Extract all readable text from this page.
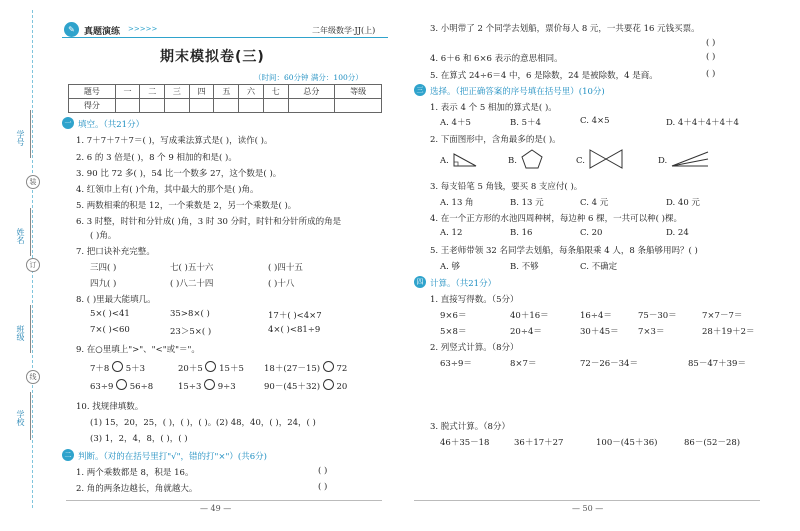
学号
姓名
班级
学校
装
订
线
✎	真题演练 >>>>>	二年级数学·JJ(上)
期末模拟卷(三)
（时间：60分钟 满分：100分）
题号	一	二	三	四	五	六	七	总分	等级
得分									
一 填空。（共21分）
1. 7＋7＋7＋7＝( )，写成乘法算式是( )，读作( )。
2. 6 的 3 倍是( )，8 个 9 相加的和是( )。
3. 90 比 72 多( )，54 比一个数多 27，这个数是( )。
4. 红领巾上有( )个角，其中最大的那个是( )角。
5. 两数相乘的积是 12，一个乘数是 2，另一个乘数是( )。
6. 3 时整，时针和分针成( )角，3 时 30 分时，时针和分针所成的角是
( )角。
7. 把口诀补充完整。
三四( )	七( )五十六	( )四十五
四九( )	( )八二十四	( )十八
8. ( )里最大能填几。
5×( )<41	35>8×( )	17＋( )<4×7
7×( )<60	23＞5×( )	4×( )<81÷9
9. 在○里填上">"、"<"或"＝"。
7＋8 5＋3	20＋5 15＋5 18＋(27－15) 72
63÷9 56÷8	15÷3 9÷3	90－(45＋32) 20
10. 找规律填数。
(1) 15，20，25，( )，( )，( )。 (2) 48，40，( )，24，( )
(3) 1，2，4，8，( )，( )
二 判断。（对的在括号里打"√"，错的打"×"）(共6分)
1. 两个乘数都是 8，积是 16。	( )
2. 角的两条边越长，角就越大。	( )
— 49 —
3. 小明带了 2 个同学去划船，票价每人 8 元，一共要花 16 元钱买票。
( )
4. 6＋6 和 6×6 表示的意思相同。	( )
5. 在算式 24÷6＝4 中，6 是除数，24 是被除数，4 是商。	( )
三 选择。（把正确答案的序号填在括号里）(10分)
1. 表示 4 个 5 相加的算式是( )。
A. 4＋5	B. 5＋4	C. 4×5	D. 4＋4＋4＋4＋4
2. 下面图形中，含角最多的是( )。
A.	B.	C.	D.
3. 每支铅笔 5 角钱，要买 8 支应付( )。
A. 13 角	B. 13 元	C. 4 元	D. 40 元
4. 在一个正方形的水池四周种树，每边种 6 棵，一共可以种( )棵。
A. 12	B. 16	C. 20	D. 24
5. 王老师带领 32 名同学去划船，每条船限乘 4 人，8 条船够用吗？( )
A. 够	B. 不够	C. 不确定
四 计算。（共21分）
1. 直接写得数。（5分）
9×6＝	40＋16＝	16÷4＝	75－30＝	7×7－7＝
5×8＝	20÷4＝	30＋45＝ 7×3＝	28＋19＋2＝
2. 列竖式计算。（8分）
63÷9＝	8×7＝	72－26－34＝	85－47＋39＝
3. 脱式计算。（8分）
46＋35－18	36＋17＋27	100－(45＋36)	86－(52－28)
— 50 —
